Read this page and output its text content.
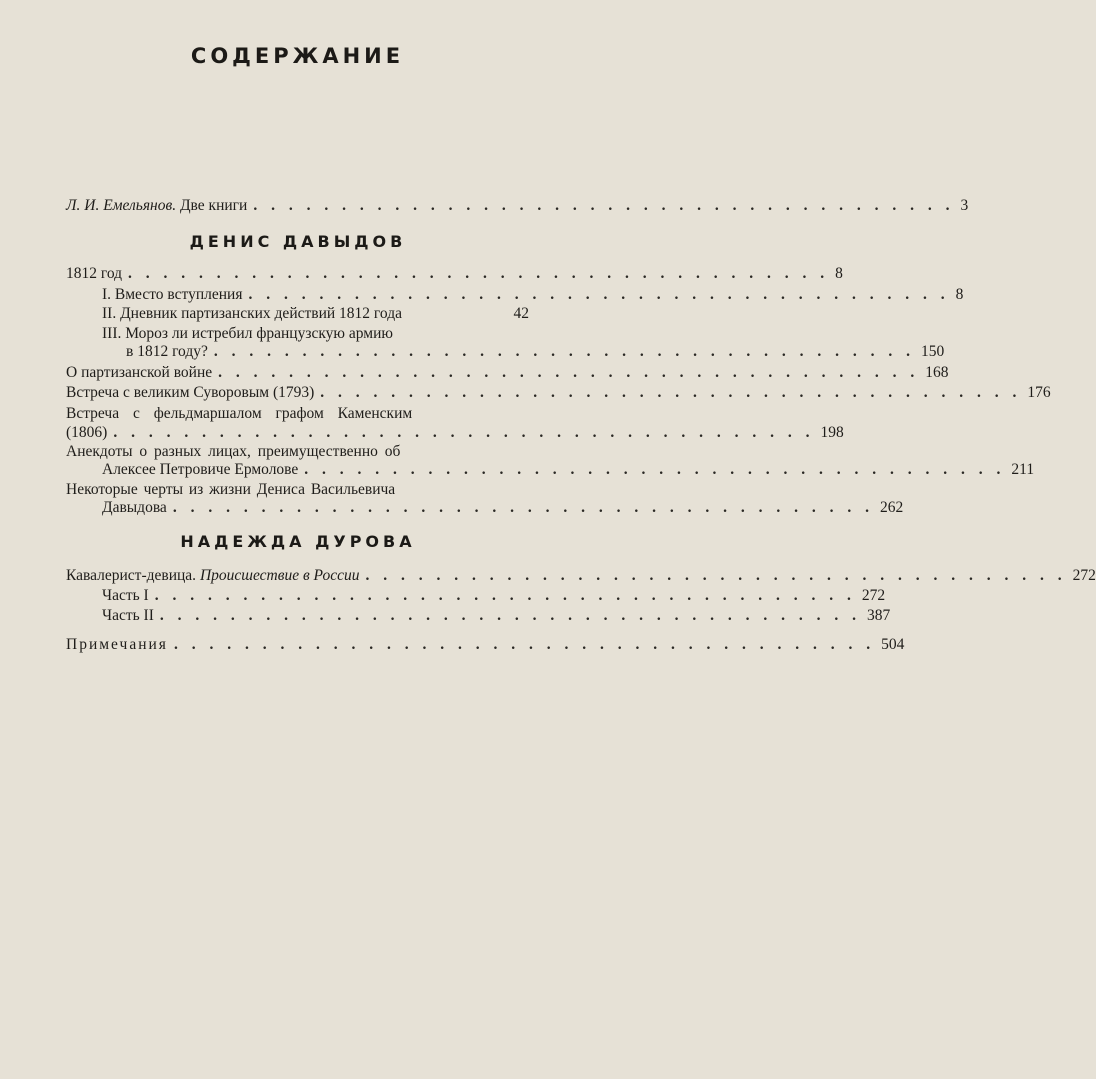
СОДЕРЖАНИЕ
Л. И. Емельянов. Две книги . . . . . . . . . . . . . . . . . . . . . . . . . . . . . . . . . . . . . . . . 3
ДЕНИС ДАВЫДОВ
1812 год . . . . . . . . . . . . . . . . . . . . . . . . . . . . . . . . . . . . . . . . 8
I. Вместо вступления . . . . . . . . . . . . . . . . . . . . . . . . . . . . . . . . . . . . . . . . 8
II. Дневник партизанских действий 1812 года	42
III. Мороз ли истребил французскую армию
в 1812 году? . . . . . . . . . . . . . . . . . . . . . . . . . . . . . . . . . . . . . . . . 150
О партизанской войне . . . . . . . . . . . . . . . . . . . . . . . . . . . . . . . . . . . . . . . . 168
Встреча с великим Суворовым (1793) . . . . . . . . . . . . . . . . . . . . . . . . . . . . . . . . . . . . . . . . 176
Встреча с фельдмаршалом графом Каменским
(1806) . . . . . . . . . . . . . . . . . . . . . . . . . . . . . . . . . . . . . . . . 198
Анекдоты о разных лицах, преимущественно об
Алексее Петровиче Ермолове . . . . . . . . . . . . . . . . . . . . . . . . . . . . . . . . . . . . . . . . 211
Некоторые черты из жизни Дениса Васильевича
Давыдова . . . . . . . . . . . . . . . . . . . . . . . . . . . . . . . . . . . . . . . . 262
НАДЕЖДА ДУРОВА
Кавалерист-девица. Происшествие в России . . . . . . . . . . . . . . . . . . . . . . . . . . . . . . . . . . . . . . . . 272
Часть I . . . . . . . . . . . . . . . . . . . . . . . . . . . . . . . . . . . . . . . . 272
Часть II . . . . . . . . . . . . . . . . . . . . . . . . . . . . . . . . . . . . . . . . 387
Примечания . . . . . . . . . . . . . . . . . . . . . . . . . . . . . . . . . . . . . . . . 504
